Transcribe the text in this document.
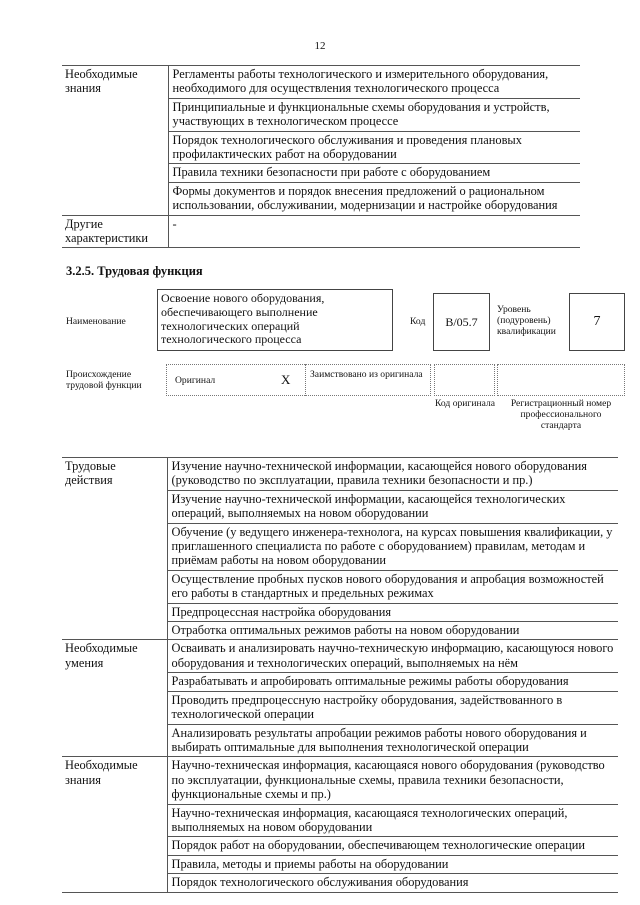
12
Необходимые знания	Регламенты работы технологического и измерительного оборудования, необходимого для осуществления технологического процесса
	Принципиальные и функциональные схемы оборудования и устройств, участвующих в технологическом процессе
	Порядок технологического обслуживания и проведения плановых профилактических работ на оборудовании
	Правила техники безопасности при работе с оборудованием
	Формы документов и порядок внесения предложений о рациональном использовании, обслуживании, модернизации и настройке оборудования
Другие характеристики	-
3.2.5. Трудовая функция
Наименование
Освоение нового оборудования, обеспечивающего выполнение технологических операций технологического процесса
Код	В/05.7
Уровень (подуровень) квалификации
7
Происхождение трудовой функции	Оригинал	X Заимствовано из оригинала
Код оригинала	Регистрационный номер профессионального стандарта
Трудовые действия	Изучение научно-технической информации, касающейся нового оборудования (руководство по эксплуатации, правила техники безопасности и пр.)
	Изучение научно-технической информации, касающейся технологических операций, выполняемых на новом оборудовании
	Обучение (у ведущего инженера-технолога, на курсах повышения квалификации, у приглашенного специалиста по работе с оборудованием) правилам, методам и приёмам работы на новом оборудовании
	Осуществление пробных пусков нового оборудования и апробация возможностей его работы в стандартных и предельных режимах
	Предпроцессная настройка оборудования
	Отработка оптимальных режимов работы на новом оборудовании
Необходимые умения	Осваивать и анализировать научно-техническую информацию, касающуюся нового оборудования и технологических операций, выполняемых на нём
	Разрабатывать и апробировать оптимальные режимы работы оборудования
	Проводить предпроцессную настройку оборудования, задействованного в технологической операции
	Анализировать результаты апробации режимов работы нового оборудования и выбирать оптимальные для выполнения технологической операции
Необходимые знания	Научно-техническая информация, касающаяся нового оборудования (руководство по эксплуатации, функциональные схемы, правила техники безопасности, функциональные схемы и пр.)
	Научно-техническая информация, касающаяся технологических операций, выполняемых на новом оборудовании
	Порядок работ на оборудовании, обеспечивающем технологические операции
	Правила, методы и приемы работы на оборудовании
	Порядок технологического обслуживания оборудования
